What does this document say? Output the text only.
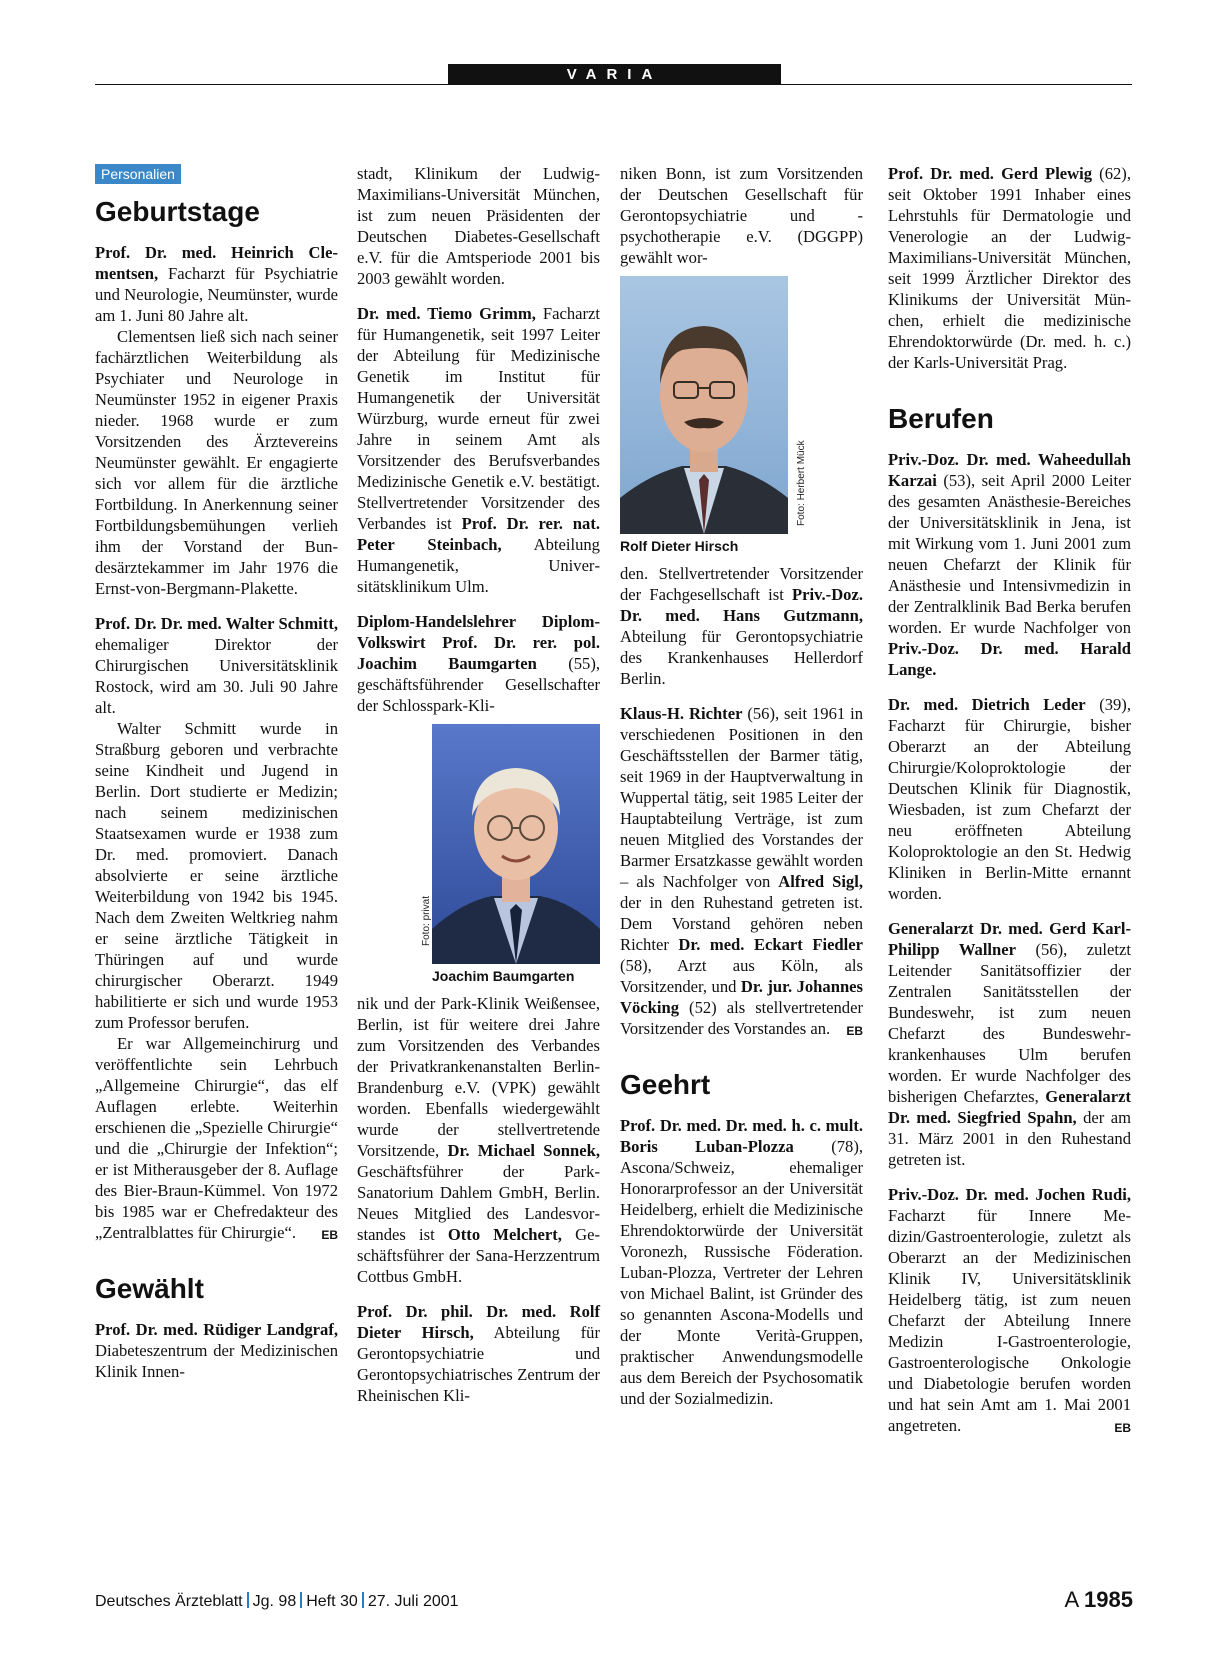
VARIA
Personalien
Geburtstage

Prof. Dr. med. Heinrich Clementsen, Facharzt für Psychiatrie und Neurologie, Neumünster, wurde am 1. Juni 80 Jahre alt.

Clementsen ließ sich nach seiner fachärztlichen Weiterbildung als Psychiater und Neurologe in Neumünster 1952 in eigener Praxis nieder. 1968 wurde er zum Vorsitzenden des Ärztevereins Neumünster gewählt. Er engagierte sich vor allem für die ärztliche Fortbildung. In Anerkennung seiner Fortbildungsbemühungen verlieh ihm der Vorstand der Bundesärztekammer im Jahr 1976 die Ernst-von-Bergmann-Plakette.

Prof. Dr. Dr. med. Walter Schmitt, ehemaliger Direktor der Chirurgischen Universitätsklinik Rostock, wird am 30. Juli 90 Jahre alt.

Walter Schmitt wurde in Straßburg geboren und verbrachte seine Kindheit und Jugend in Berlin. Dort studierte er Medizin; nach seinem medizinischen Staatsexamen wurde er 1938 zum Dr. med. promoviert. Danach absolvierte er seine ärztliche Weiterbildung von 1942 bis 1945. Nach dem Zweiten Weltkrieg nahm er seine ärztliche Tätigkeit in Thüringen auf und wurde chirurgischer Oberarzt. 1949 habilitierte er sich und wurde 1953 zum Professor berufen.

Er war Allgemeinchirurg und veröffentlichte sein Lehrbuch „Allgemeine Chirurgie“, das elf Auflagen erlebte. Weiterhin erschienen die „Spezielle Chirurgie“ und die „Chirurgie der Infektion“; er ist Mitherausgeber der 8. Auflage des Bier-Braun-Kümmel. Von 1972 bis 1985 war er Chefredakteur des „Zentralblattes für Chirurgie“.	EB

Gewählt

Prof. Dr. med. Rüdiger Landgraf, Diabeteszentrum der Medizinischen Klinik Innen-

stadt, Klinikum der Ludwig-Maximilians-Universität München, ist zum neuen Präsidenten der Deutschen Diabetes-Gesellschaft e.V. für die Amtsperiode 2001 bis 2003 gewählt worden.

Dr. med. Tiemo Grimm, Facharzt für Humangenetik, seit 1997 Leiter der Abteilung für Medizinische Genetik im Institut für Humangenetik der Universität Würzburg, wurde erneut für zwei Jahre in seinem Amt als Vorsitzender des Berufsverbandes Medizinische Genetik e.V. bestätigt. Stellvertretender Vorsitzender des Verbandes ist Prof. Dr. rer. nat. Peter Steinbach, Abteilung Humangenetik, Universitätsklinikum Ulm.

Diplom-Handelslehrer Diplom-Volkswirt Prof. Dr. rer. pol. Joachim Baumgarten (55), geschäftsführender Gesellschafter der Schlosspark-Kli-

Foto: privat
Joachim Baumgarten

nik und der Park-Klinik Weißensee, Berlin, ist für weitere drei Jahre zum Vorsitzenden des Verbandes der Privatkrankenanstalten Berlin-Brandenburg e.V. (VPK) gewählt worden. Ebenfalls wiedergewählt wurde der stellvertretende Vorsitzende, Dr. Michael Sonnek, Geschäftsführer der Park-Sanatorium Dahlem GmbH, Berlin. Neues Mitglied des Landesvorstandes ist Otto Melchert, Geschäftsführer der Sana-Herzzentrum Cottbus GmbH.

Prof. Dr. phil. Dr. med. Rolf Dieter Hirsch, Abteilung für Gerontopsychiatrie und Gerontopsychiatrisches Zentrum der Rheinischen Kli-

niken Bonn, ist zum Vorsitzenden der Deutschen Gesellschaft für Gerontopsychiatrie und -psychotherapie e.V. (DGGPP) gewählt wor-

Foto: Herbert Mück
Rolf Dieter Hirsch

den. Stellvertretender Vorsitzender der Fachgesellschaft ist Priv.-Doz. Dr. med. Hans Gutzmann, Abteilung für Gerontopsychiatrie des Krankenhauses Hellerdorf Berlin.

Klaus-H. Richter (56), seit 1961 in verschiedenen Positionen in den Geschäftsstellen der Barmer tätig, seit 1969 in der Hauptverwaltung in Wuppertal tätig, seit 1985 Leiter der Hauptabteilung Verträge, ist zum neuen Mitglied des Vorstandes der Barmer Ersatzkasse gewählt worden – als Nachfolger von Alfred Sigl, der in den Ruhestand getreten ist. Dem Vorstand gehören neben Richter Dr. med. Eckart Fiedler (58), Arzt aus Köln, als Vorsitzender, und Dr. jur. Johannes Vöcking (52) als stellvertretender Vorsitzender des Vorstandes an. EB

Geehrt

Prof. Dr. med. Dr. med. h. c. mult. Boris Luban-Plozza (78), Ascona/Schweiz, ehemaliger Honorarprofessor an der Universität Heidelberg, erhielt die Medizinische Ehrendoktorwürde der Universität Voronezh, Russische Föderation. Luban-Plozza, Vertreter der Lehren von Michael Balint, ist Gründer des so genannten Ascona-Modells und der Monte Verità-Gruppen, praktischer Anwendungsmodelle aus dem Bereich der Psychosomatik und der Sozialmedizin.

Prof. Dr. med. Gerd Plewig (62), seit Oktober 1991 Inhaber eines Lehrstuhls für Dermatologie und Venerologie an der Ludwig-Maximilians-Universität München, seit 1999 Ärztlicher Direktor des Klinikums der Universität München, erhielt die medizinische Ehrendoktorwürde (Dr. med. h. c.) der Karls-Universität Prag.

Berufen

Priv.-Doz. Dr. med. Waheedullah Karzai (53), seit April 2000 Leiter des gesamten Anästhesie-Bereiches der Universitätsklinik in Jena, ist mit Wirkung vom 1. Juni 2001 zum neuen Chefarzt der Klinik für Anästhesie und Intensivmedizin in der Zentralklinik Bad Berka berufen worden. Er wurde Nachfolger von Priv.-Doz. Dr. med. Harald Lange.

Dr. med. Dietrich Leder (39), Facharzt für Chirurgie, bisher Oberarzt an der Abteilung Chirurgie/Koloproktologie der Deutschen Klinik für Diagnostik, Wiesbaden, ist zum Chefarzt der neu eröffneten Abteilung Koloproktologie an den St. Hedwig Kliniken in Berlin-Mitte ernannt worden.

Generalarzt Dr. med. Gerd Karl-Philipp Wallner (56), zuletzt Leitender Sanitätsoffizier der Zentralen Sanitätsstellen der Bundeswehr, ist zum neuen Chefarzt des Bundeswehrkrankenhauses Ulm berufen worden. Er wurde Nachfolger des bisherigen Chefarztes, Generalarzt Dr. med. Siegfried Spahn, der am 31. März 2001 in den Ruhestand getreten ist.

Priv.-Doz. Dr. med. Jochen Rudi, Facharzt für Innere Medizin/Gastroenterologie, zuletzt als Oberarzt an der Medizinischen Klinik IV, Universitätsklinik Heidelberg tätig, ist zum neuen Chefarzt der Abteilung Innere Medizin I-Gastroenterologie, Gastroenterologische Onkologie und Diabetologie berufen worden und hat sein Amt am 1. Mai 2001 angetreten.	EB

Deutsches Ärzteblatt Jg. 98 Heft 30 27. Juli 2001	A 1985
